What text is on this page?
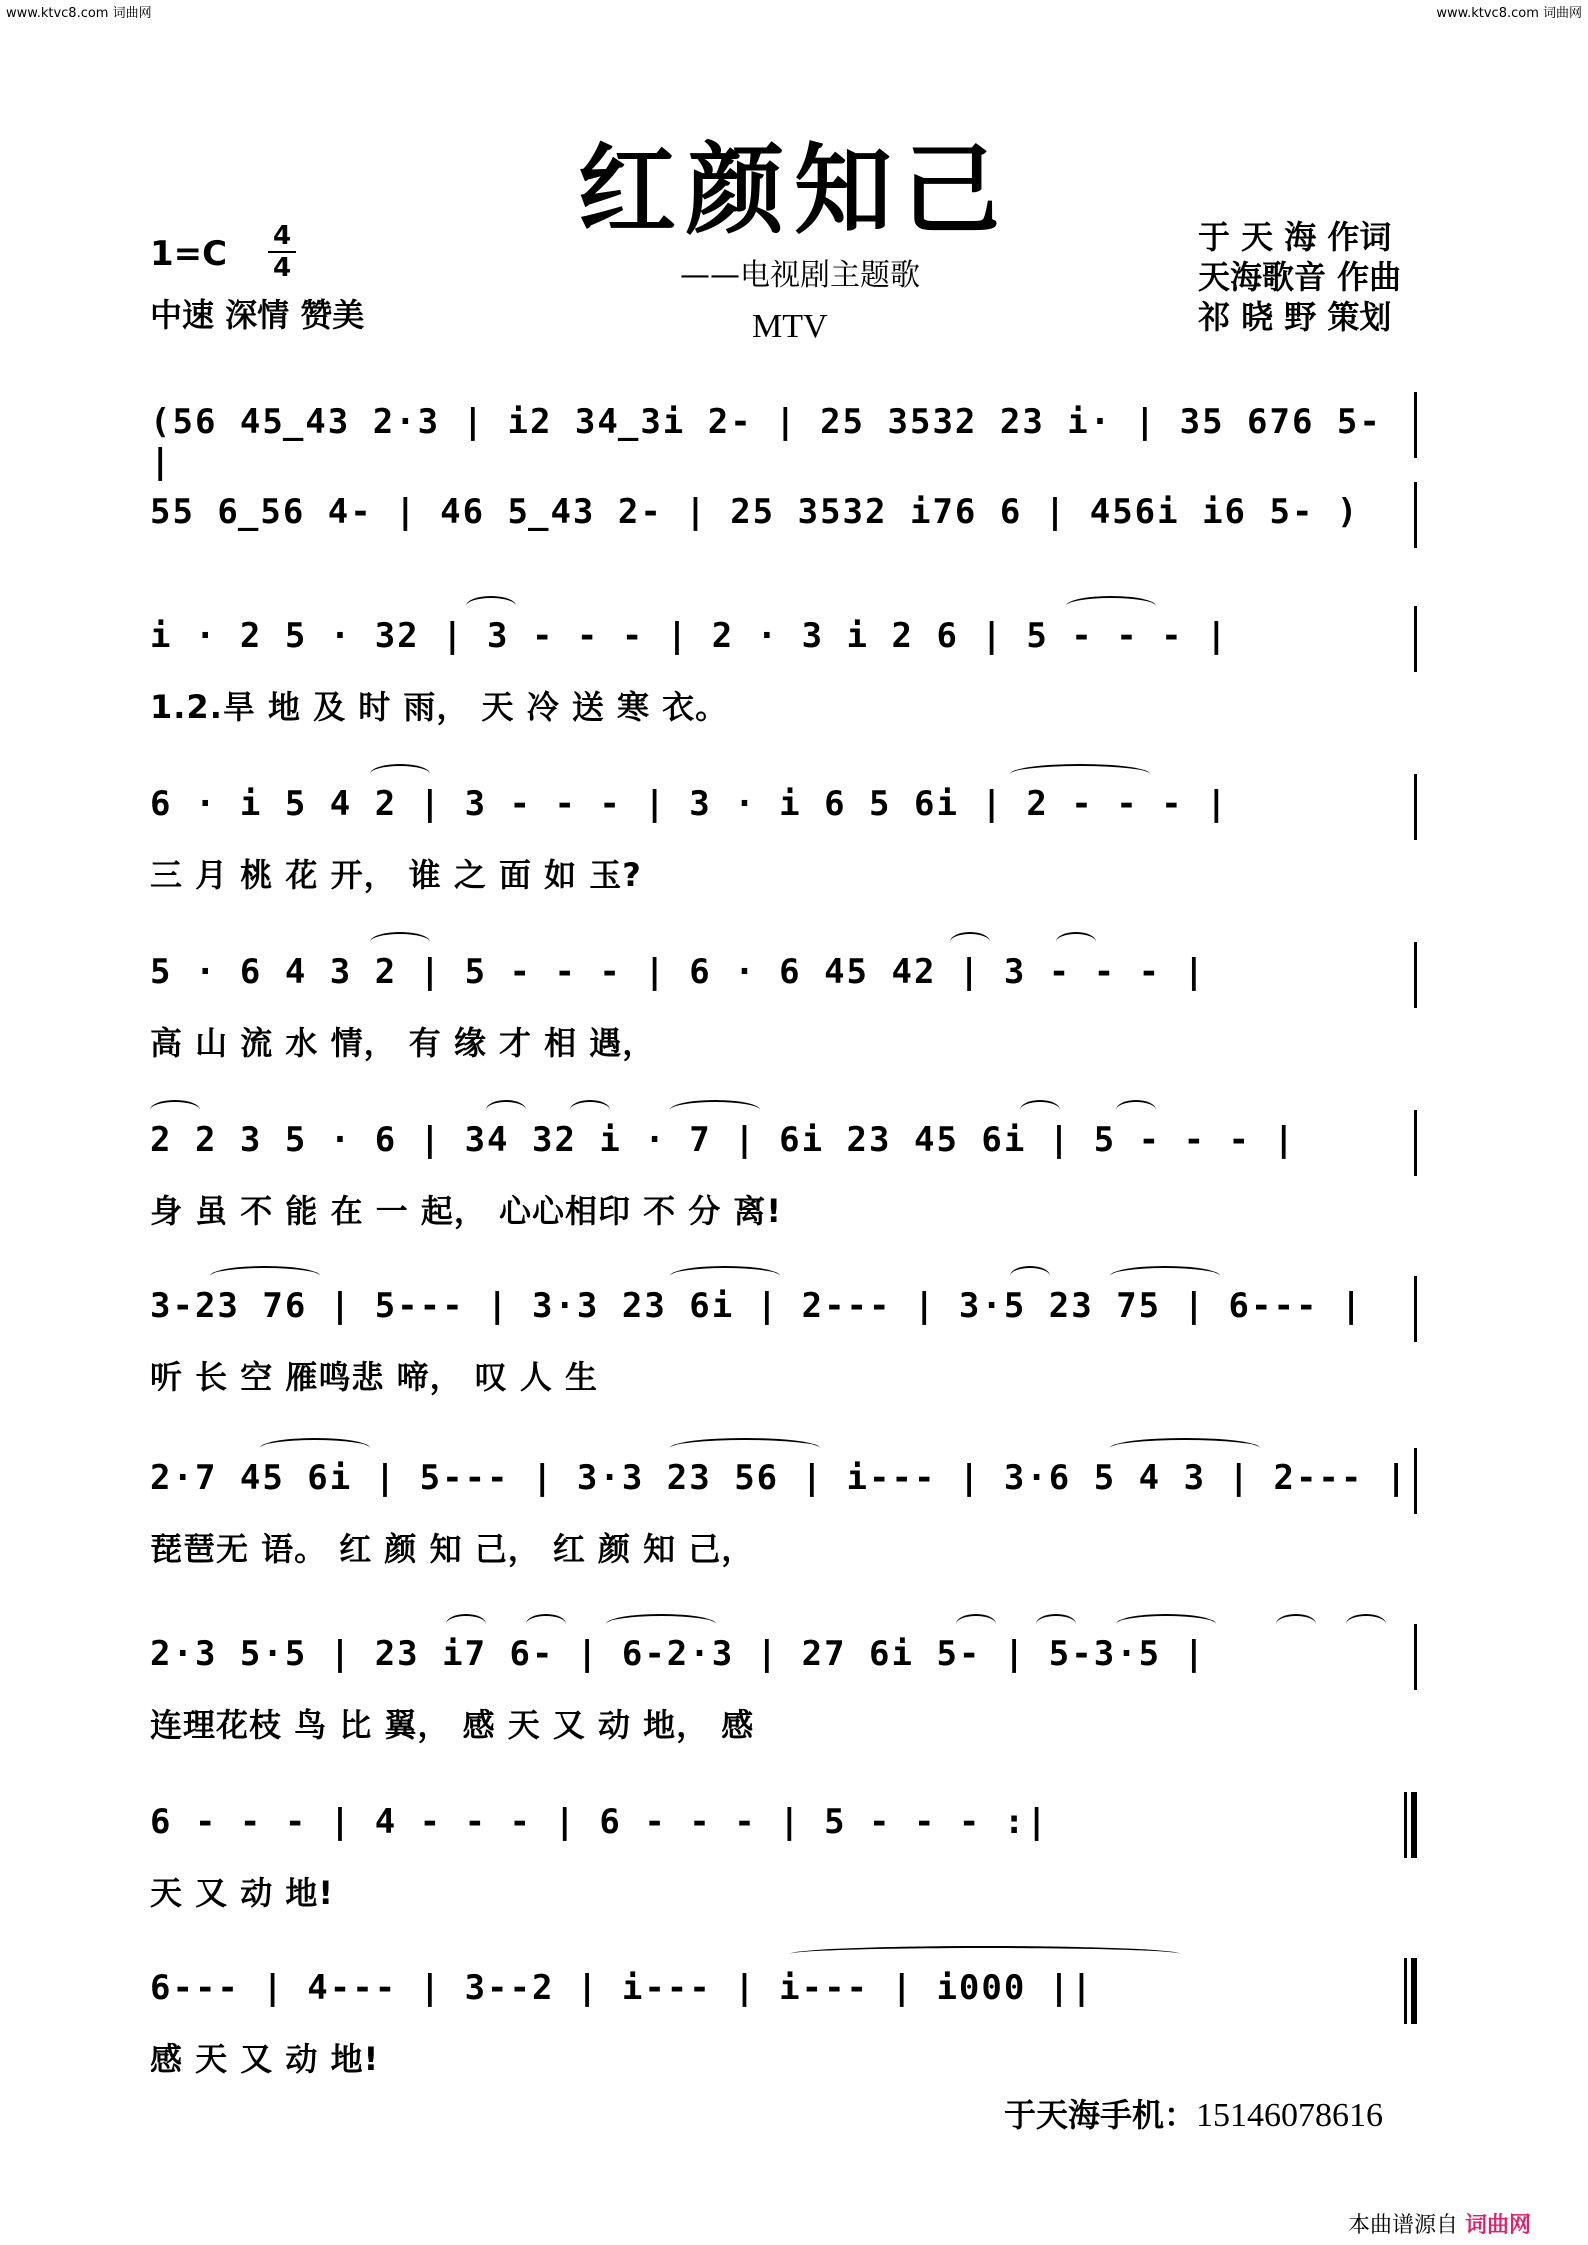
www.ktvc8.com 词曲网	www.ktvc8.com 词曲网
红颜知己
——电视剧主题歌
MTV
1=C 4
4
中速 深情 赞美
于 天 海 作词
天海歌音 作曲
祁 晓 野 策划
(56 45̲43 2·3 | i2 34̲3i 2- | 25 3532 23 i· | 35 676 5- |
55 6̲56 4- | 46 5̲43 2- | 25 3532 i76 6 | 456i i6 5- )
i · 2 5 · 32 | 3 - - - | 2 · 3 i 2 6 | 5 - - - |
1.2.旱 地 及 时 雨， 天 冷 送 寒 衣。
6 · i 5 4 2 | 3 - - - | 3 · i 6 5 6i | 2 - - - |
三 月 桃 花 开， 谁 之 面 如 玉?
5 · 6 4 3 2 | 5 - - - | 6 · 6 45 42 | 3 - - - |
高 山 流 水 情， 有 缘 才 相 遇，
2 2 3 5 · 6 | 34 32 i · 7 | 6i 23 45 6i | 5 - - - |
身 虽 不 能 在 一 起， 心心相印 不 分 离!
3-23 76 | 5--- | 3·3 23 6i | 2--- | 3·5 23 75 | 6--- |
听 长 空 雁鸣悲 啼， 叹 人 生
2·7 45 6i | 5--- | 3·3 23 56 | i--- | 3·6 5 4 3 | 2--- |
琵琶无 语。 红 颜 知 己， 红 颜 知 己，
2·3 5·5 | 23 i7 6- | 6-2·3 | 27 6i 5- | 5-3·5 |
连理花枝 鸟 比 翼， 感 天 又 动 地， 感
6 - - - | 4 - - - | 6 - - - | 5 - - - :|
天 又 动 地!
6--- | 4--- | 3--2 | i--- | i--- | i000 ||
感 天 又 动 地!
于天海手机：15146078616
本曲谱源自 词曲网
